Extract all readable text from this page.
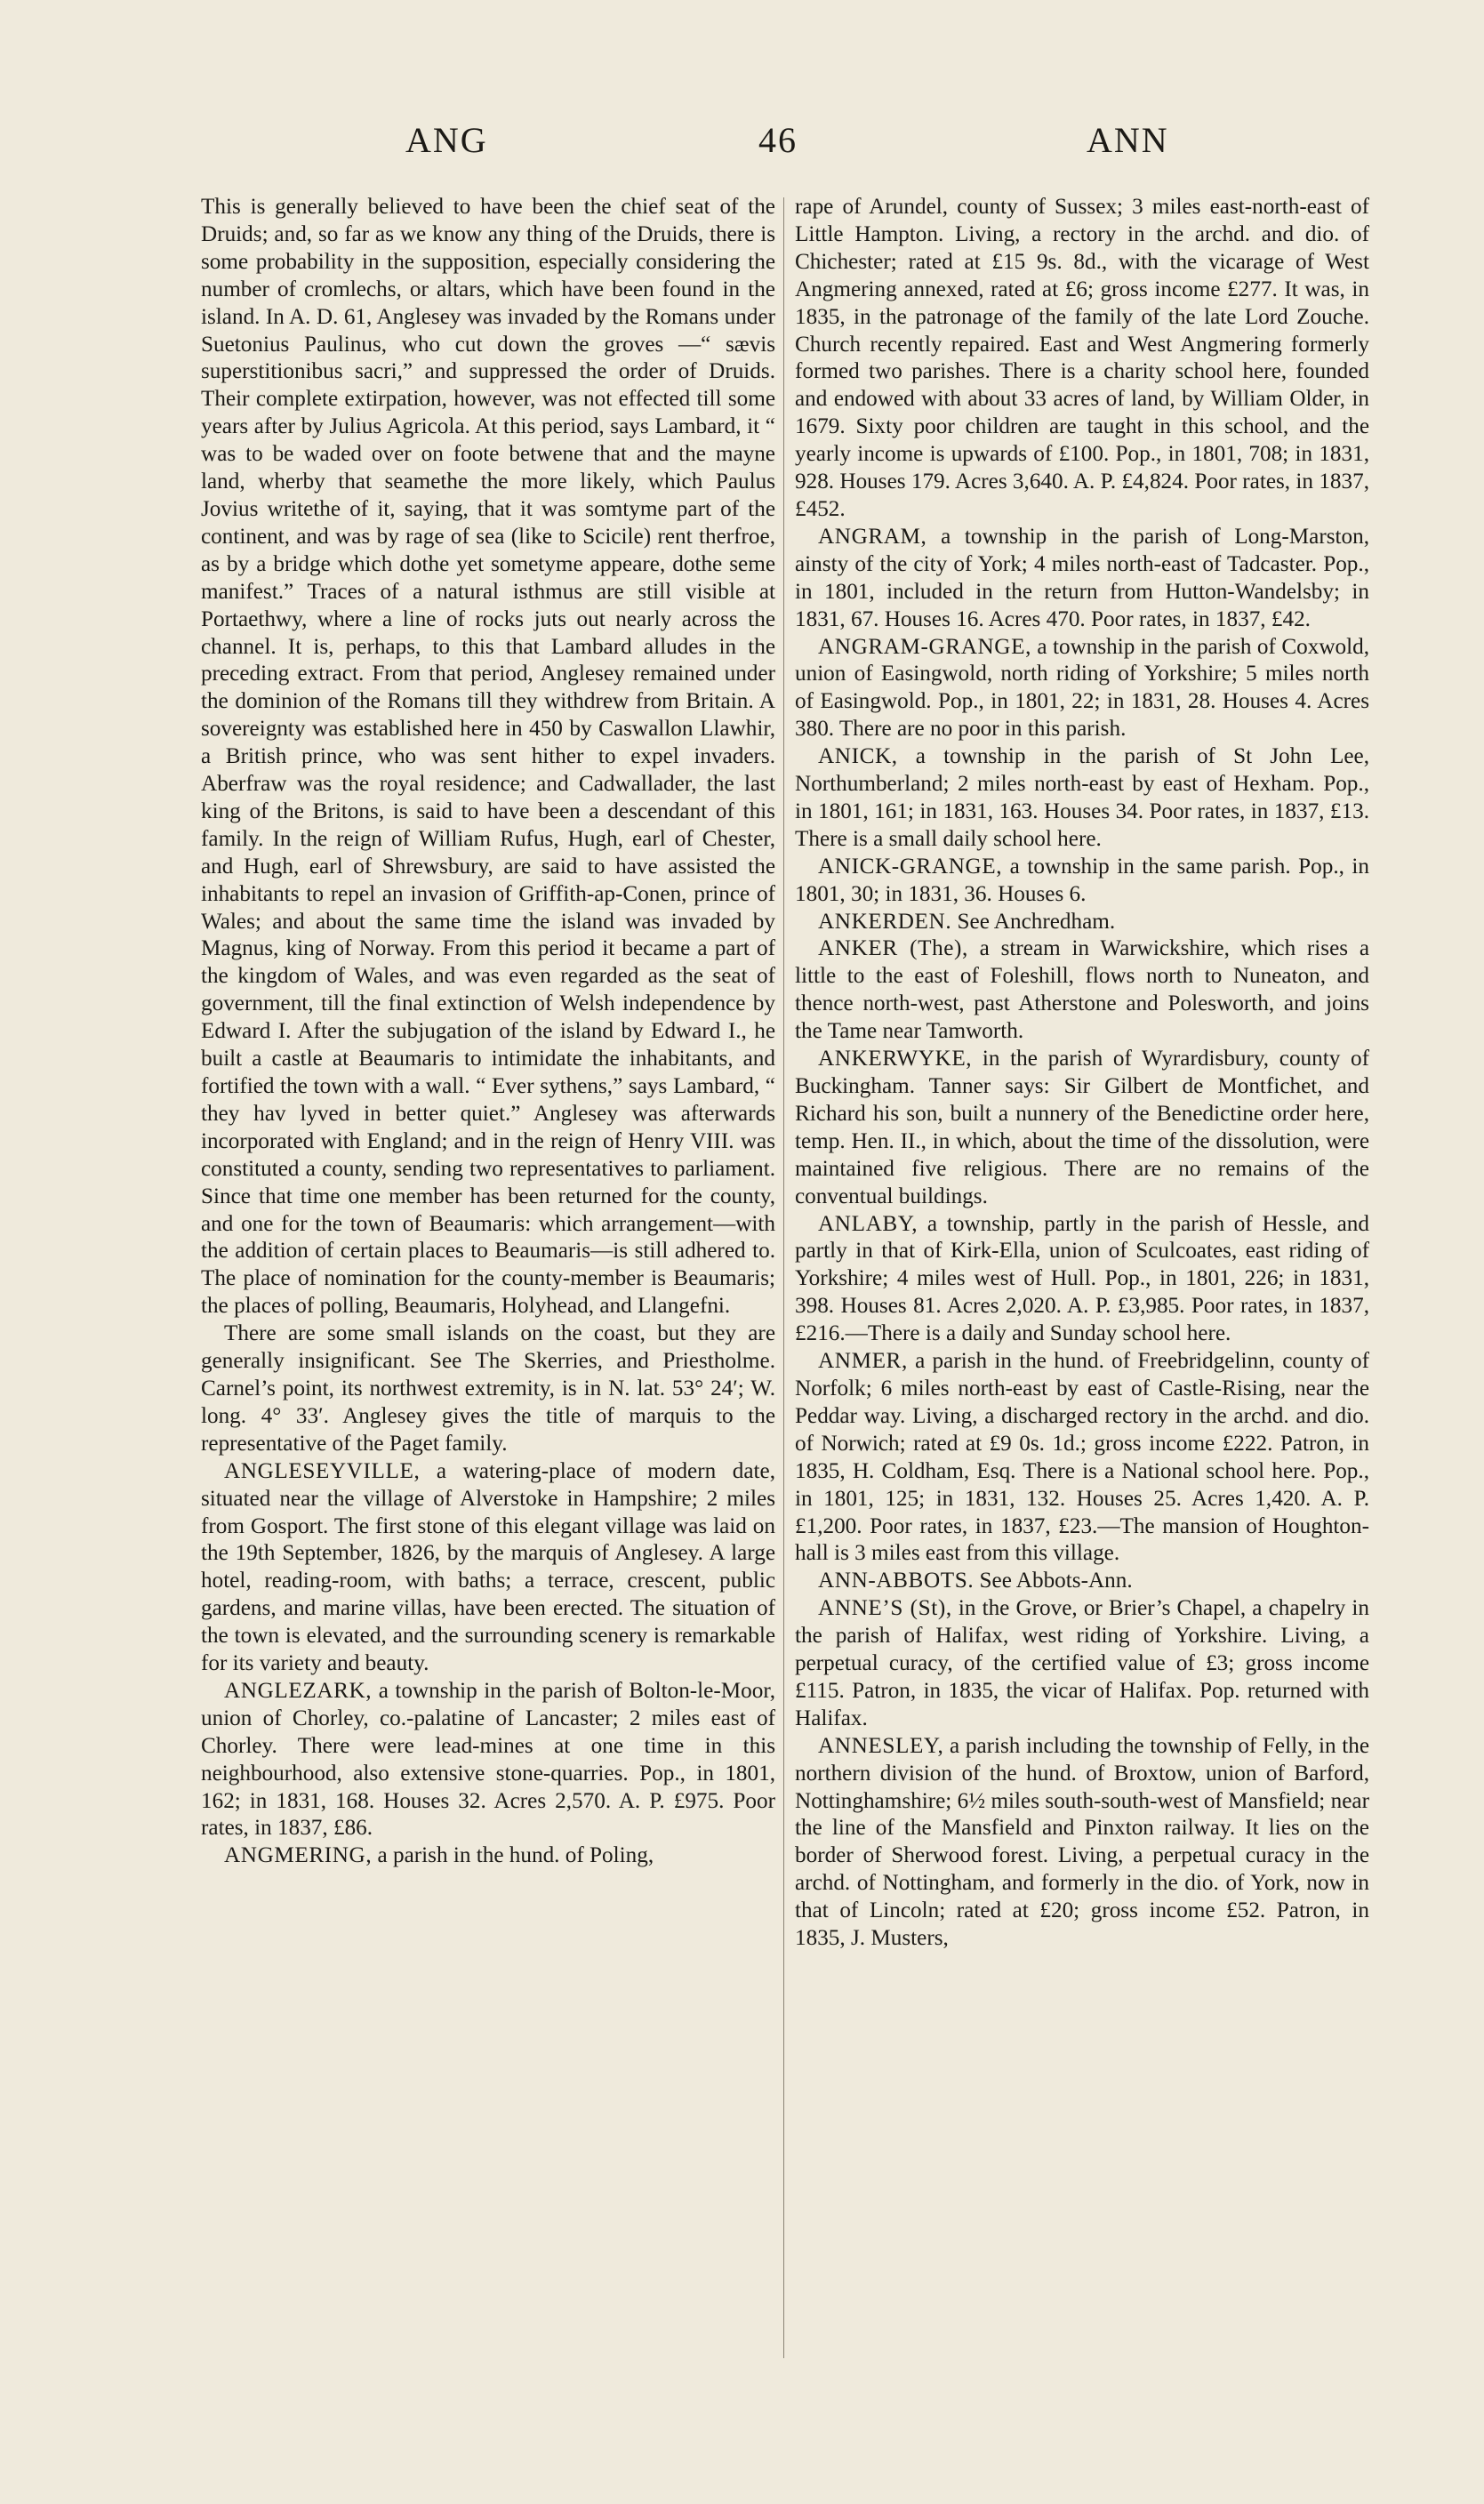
ANG	46	ANN

This is generally believed to have been the chief seat of the Druids; and, so far as we know any thing of the Druids, there is some probability in the supposition, especially considering the number of cromlechs, or altars, which have been found in the island. In A. D. 61, Anglesey was invaded by the Romans under Suetonius Paulinus, who cut down the groves —“ sævis superstitionibus sacri,” and suppressed the order of Druids. Their complete extirpation, however, was not effected till some years after by Julius Agricola. At this period, says Lambard, it “ was to be waded over on foote betwene that and the mayne land, wherby that seamethe the more likely, which Paulus Jovius writethe of it, saying, that it was somtyme part of the continent, and was by rage of sea (like to Scicile) rent therfroe, as by a bridge which dothe yet sometyme appeare, dothe seme manifest.” Traces of a natural isthmus are still visible at Portaethwy, where a line of rocks juts out nearly across the channel. It is, perhaps, to this that Lambard alludes in the preceding extract. From that period, Anglesey remained under the dominion of the Romans till they withdrew from Britain. A sovereignty was established here in 450 by Caswallon Llawhir, a British prince, who was sent hither to expel invaders. Aberfraw was the royal residence; and Cadwallader, the last king of the Britons, is said to have been a descendant of this family. In the reign of William Rufus, Hugh, earl of Chester, and Hugh, earl of Shrewsbury, are said to have assisted the inhabitants to repel an invasion of Griffith-ap-Conen, prince of Wales; and about the same time the island was invaded by Magnus, king of Norway. From this period it became a part of the kingdom of Wales, and was even regarded as the seat of government, till the final extinction of Welsh independence by Edward I. After the subjugation of the island by Edward I., he built a castle at Beaumaris to intimidate the inhabitants, and fortified the town with a wall. “ Ever sythens,” says Lambard, “ they hav lyved in better quiet.” Anglesey was afterwards incorporated with England; and in the reign of Henry VIII. was constituted a county, sending two representatives to parliament. Since that time one member has been returned for the county, and one for the town of Beaumaris: which arrangement—with the addition of certain places to Beaumaris—is still adhered to. The place of nomination for the county-member is Beaumaris; the places of polling, Beaumaris, Holyhead, and Llangefni.

There are some small islands on the coast, but they are generally insignificant. See The Skerries, and Priestholme. Carnel’s point, its northwest extremity, is in N. lat. 53° 24′; W. long. 4° 33′. Anglesey gives the title of marquis to the representative of the Paget family.

ANGLESEYVILLE, a watering-place of modern date, situated near the village of Alverstoke in Hampshire; 2 miles from Gosport. The first stone of this elegant village was laid on the 19th September, 1826, by the marquis of Anglesey. A large hotel, reading-room, with baths; a terrace, crescent, public gardens, and marine villas, have been erected. The situation of the town is elevated, and the surrounding scenery is remarkable for its variety and beauty.

ANGLEZARK, a township in the parish of Bolton-le-Moor, union of Chorley, co.-palatine of Lancaster; 2 miles east of Chorley. There were lead-mines at one time in this neighbourhood, also extensive stone-quarries. Pop., in 1801, 162; in 1831, 168. Houses 32. Acres 2,570. A. P. £975. Poor rates, in 1837, £86.

ANGMERING, a parish in the hund. of Poling,

rape of Arundel, county of Sussex; 3 miles east-north-east of Little Hampton. Living, a rectory in the archd. and dio. of Chichester; rated at £15 9s. 8d., with the vicarage of West Angmering annexed, rated at £6; gross income £277. It was, in 1835, in the patronage of the family of the late Lord Zouche. Church recently repaired. East and West Angmering formerly formed two parishes. There is a charity school here, founded and endowed with about 33 acres of land, by William Older, in 1679. Sixty poor children are taught in this school, and the yearly income is upwards of £100. Pop., in 1801, 708; in 1831, 928. Houses 179. Acres 3,640. A. P. £4,824. Poor rates, in 1837, £452.

ANGRAM, a township in the parish of Long-Marston, ainsty of the city of York; 4 miles north-east of Tadcaster. Pop., in 1801, included in the return from Hutton-Wandelsby; in 1831, 67. Houses 16. Acres 470. Poor rates, in 1837, £42.

ANGRAM-GRANGE, a township in the parish of Coxwold, union of Easingwold, north riding of Yorkshire; 5 miles north of Easingwold. Pop., in 1801, 22; in 1831, 28. Houses 4. Acres 380. There are no poor in this parish.

ANICK, a township in the parish of St John Lee, Northumberland; 2 miles north-east by east of Hexham. Pop., in 1801, 161; in 1831, 163. Houses 34. Poor rates, in 1837, £13. There is a small daily school here.

ANICK-GRANGE, a township in the same parish. Pop., in 1801, 30; in 1831, 36. Houses 6.

ANKERDEN. See Anchredham.

ANKER (The), a stream in Warwickshire, which rises a little to the east of Foleshill, flows north to Nuneaton, and thence north-west, past Atherstone and Polesworth, and joins the Tame near Tamworth.

ANKERWYKE, in the parish of Wyrardisbury, county of Buckingham. Tanner says: Sir Gilbert de Montfichet, and Richard his son, built a nunnery of the Benedictine order here, temp. Hen. II., in which, about the time of the dissolution, were maintained five religious. There are no remains of the conventual buildings.

ANLABY, a township, partly in the parish of Hessle, and partly in that of Kirk-Ella, union of Sculcoates, east riding of Yorkshire; 4 miles west of Hull. Pop., in 1801, 226; in 1831, 398. Houses 81. Acres 2,020. A. P. £3,985. Poor rates, in 1837, £216.—There is a daily and Sunday school here.

ANMER, a parish in the hund. of Freebridgelinn, county of Norfolk; 6 miles north-east by east of Castle-Rising, near the Peddar way. Living, a discharged rectory in the archd. and dio. of Norwich; rated at £9 0s. 1d.; gross income £222. Patron, in 1835, H. Coldham, Esq. There is a National school here. Pop., in 1801, 125; in 1831, 132. Houses 25. Acres 1,420. A. P. £1,200. Poor rates, in 1837, £23.—The mansion of Houghton-hall is 3 miles east from this village.

ANN-ABBOTS. See Abbots-Ann.

ANNE’S (St), in the Grove, or Brier’s Chapel, a chapelry in the parish of Halifax, west riding of Yorkshire. Living, a perpetual curacy, of the certified value of £3; gross income £115. Patron, in 1835, the vicar of Halifax. Pop. returned with Halifax.

ANNESLEY, a parish including the township of Felly, in the northern division of the hund. of Broxtow, union of Barford, Nottinghamshire; 6½ miles south-south-west of Mansfield; near the line of the Mansfield and Pinxton railway. It lies on the border of Sherwood forest. Living, a perpetual curacy in the archd. of Nottingham, and formerly in the dio. of York, now in that of Lincoln; rated at £20; gross income £52. Patron, in 1835, J. Musters,
